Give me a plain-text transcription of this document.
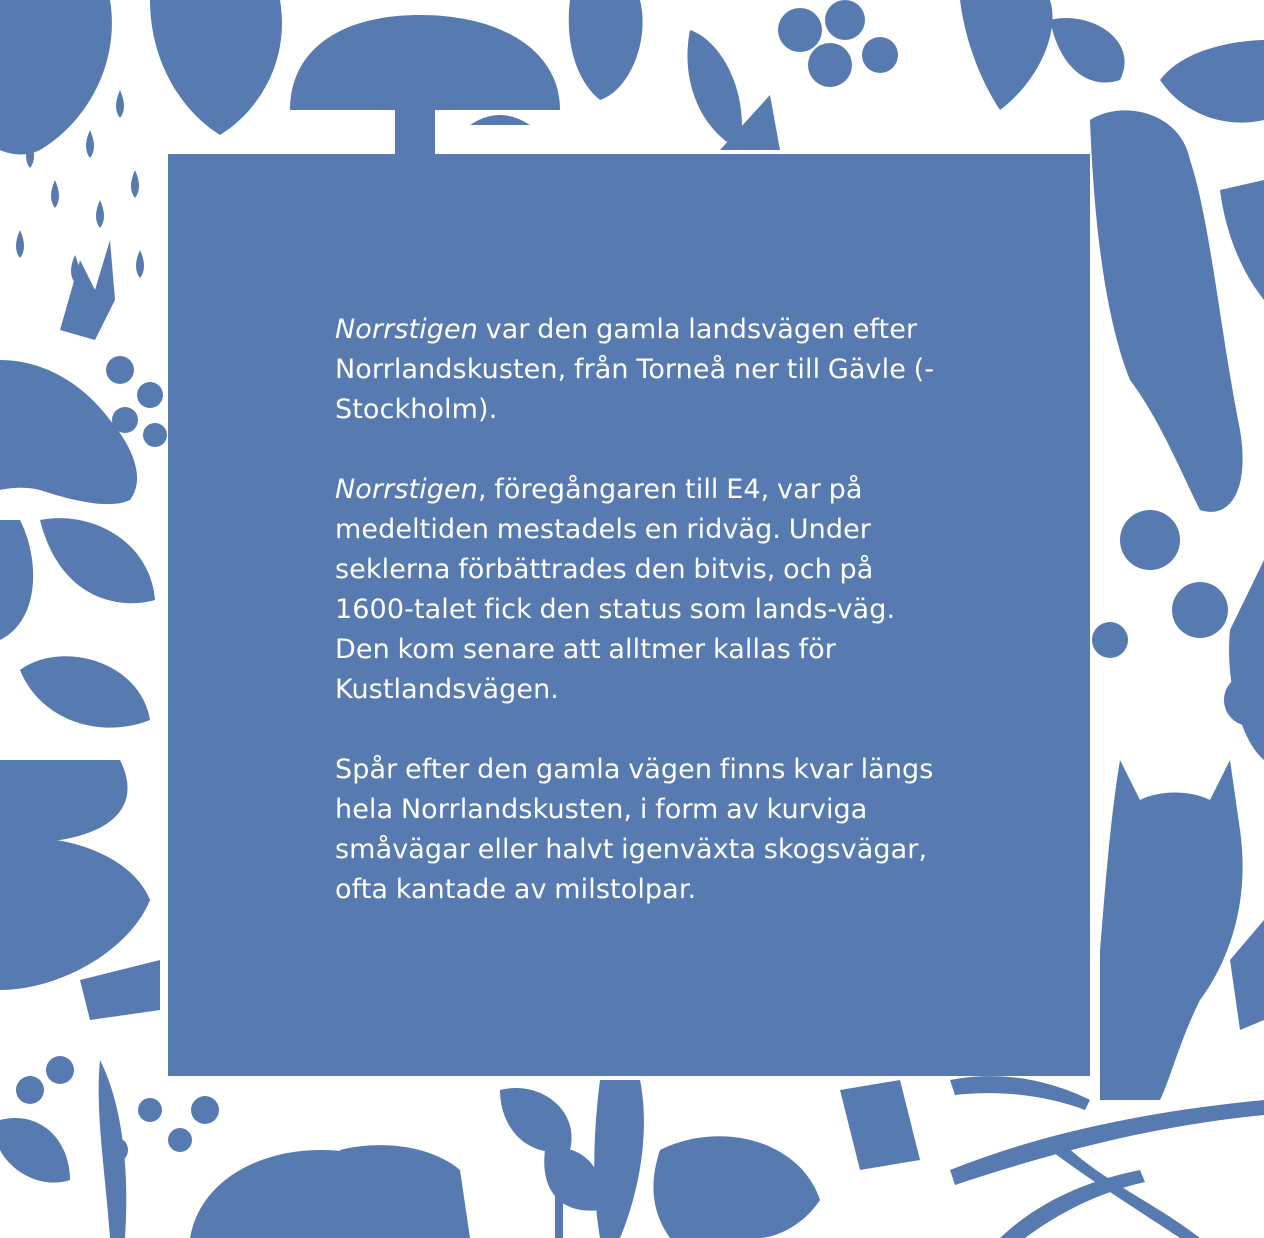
Norrstigen var den gamla landsvägen efter Norrlandskusten, från Torneå ner till Gävle (-Stockholm).

Norrstigen, föregångaren till E4, var på medeltiden mestadels en ridväg. Under seklerna förbättrades den bitvis, och på 1600-talet fick den status som lands-väg. Den kom senare att alltmer kallas för Kustlandsvägen.

Spår efter den gamla vägen finns kvar längs hela Norrlandskusten, i form av kurviga småvägar eller halvt igenväxta skogsvägar, ofta kantade av milstolpar.
